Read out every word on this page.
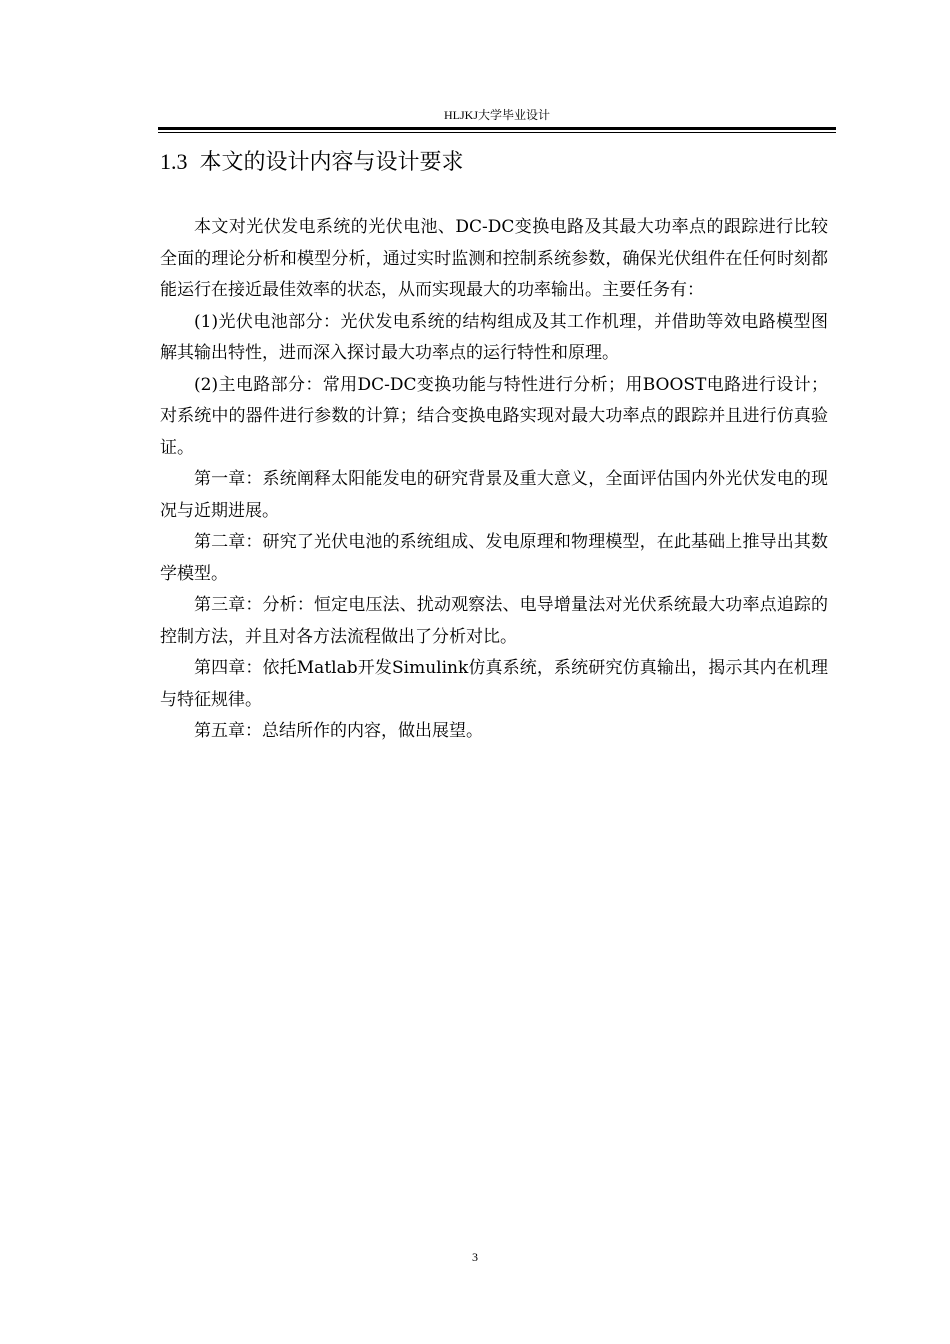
HLJKJ大学毕业设计
1.3 本文的设计内容与设计要求

本文对光伏发电系统的光伏电池、DC-DC变换电路及其最大功率点的跟踪进行比较全面的理论分析和模型分析，通过实时监测和控制系统参数，确保光伏组件在任何时刻都能运行在接近最佳效率的状态，从而实现最大的功率输出。主要任务有：

(1)光伏电池部分：光伏发电系统的结构组成及其工作机理，并借助等效电路模型图解其输出特性，进而深入探讨最大功率点的运行特性和原理。

(2)主电路部分：常用DC-DC变换功能与特性进行分析；用BOOST电路进行设计；对系统中的器件进行参数的计算；结合变换电路实现对最大功率点的跟踪并且进行仿真验证。

第一章：系统阐释太阳能发电的研究背景及重大意义，全面评估国内外光伏发电的现况与近期进展。

第二章：研究了光伏电池的系统组成、发电原理和物理模型，在此基础上推导出其数学模型。

第三章：分析：恒定电压法、扰动观察法、电导增量法对光伏系统最大功率点追踪的控制方法，并且对各方法流程做出了分析对比。

第四章：依托Matlab开发Simulink仿真系统，系统研究仿真输出，揭示其内在机理与特征规律。

第五章：总结所作的内容，做出展望。

3
